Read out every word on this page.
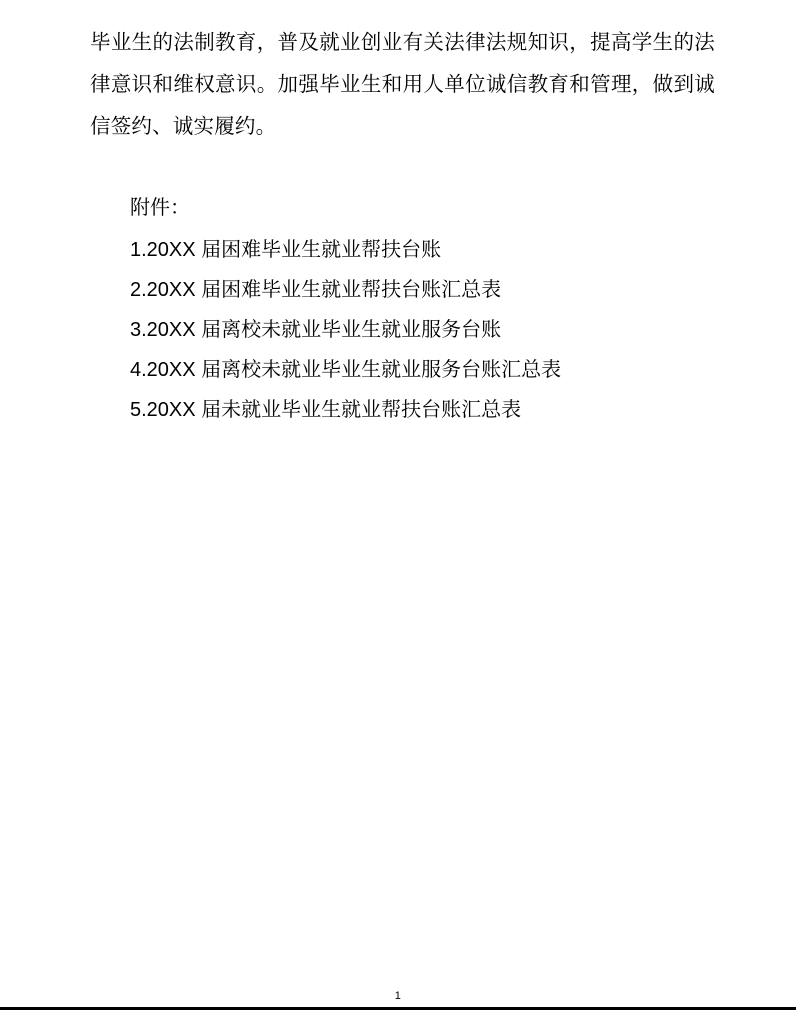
毕业生的法制教育，普及就业创业有关法律法规知识，提高学生的法律意识和维权意识。加强毕业生和用人单位诚信教育和管理，做到诚信签约、诚实履约。

附件：

1.20XX 届困难毕业生就业帮扶台账

2.20XX 届困难毕业生就业帮扶台账汇总表

3.20XX 届离校未就业毕业生就业服务台账

4.20XX 届离校未就业毕业生就业服务台账汇总表

5.20XX 届未就业毕业生就业帮扶台账汇总表

1
